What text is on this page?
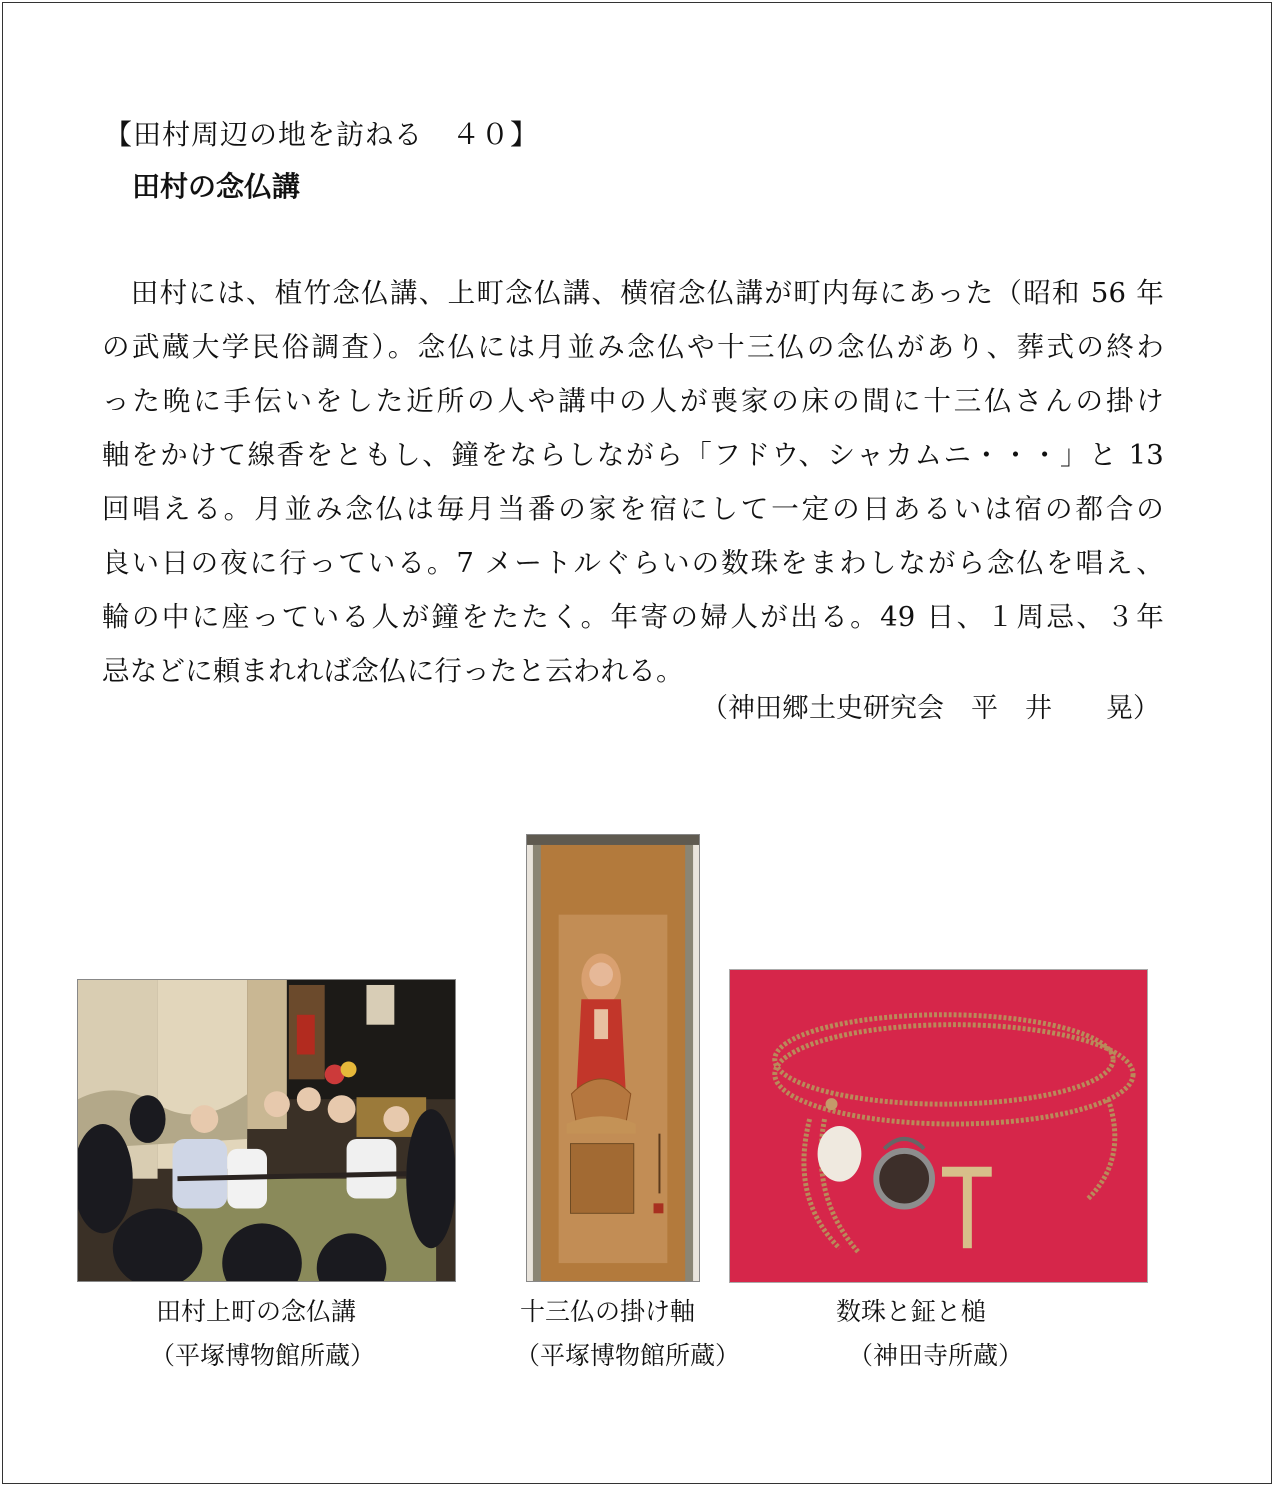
【田村周辺の地を訪ねる　４０】
田村の念仏講
　田村には、植竹念仏講、上町念仏講、横宿念仏講が町内毎にあった（昭和 56 年
の武蔵大学民俗調査）。念仏には月並み念仏や十三仏の念仏があり、葬式の終わ
った晩に手伝いをした近所の人や講中の人が喪家の床の間に十三仏さんの掛け
軸をかけて線香をともし、鐘をならしながら「フドウ、シャカムニ・・・」と 13
回唱える。月並み念仏は毎月当番の家を宿にして一定の日あるいは宿の都合の
良い日の夜に行っている。7 メートルぐらいの数珠をまわしながら念仏を唱え、
輪の中に座っている人が鐘をたたく。年寄の婦人が出る。49 日、１周忌、３年
忌などに頼まれれば念仏に行ったと云われる。
（神田郷土史研究会　平　井　　晃）
田村上町の念仏講
（平塚博物館所蔵）
十三仏の掛け軸
（平塚博物館所蔵）
数珠と鉦と槌
（神田寺所蔵）
